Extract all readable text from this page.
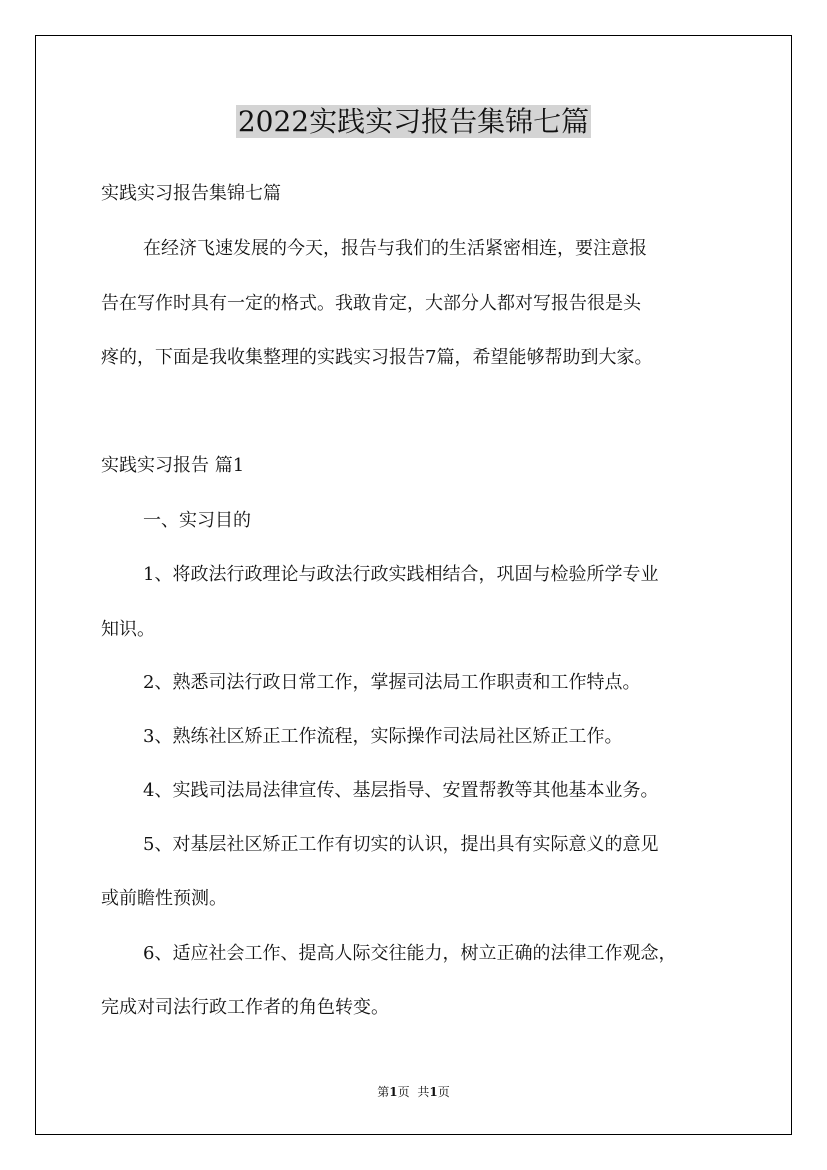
2022实践实习报告集锦七篇
实践实习报告集锦七篇
在经济飞速发展的今天，报告与我们的生活紧密相连，要注意报
告在写作时具有一定的格式。我敢肯定，大部分人都对写报告很是头
疼的，下面是我收集整理的实践实习报告7篇，希望能够帮助到大家。
实践实习报告 篇1
一、实习目的
1、将政法行政理论与政法行政实践相结合，巩固与检验所学专业
知识。
2、熟悉司法行政日常工作，掌握司法局工作职责和工作特点。
3、熟练社区矫正工作流程，实际操作司法局社区矫正工作。
4、实践司法局法律宣传、基层指导、安置帮教等其他基本业务。
5、对基层社区矫正工作有切实的认识，提出具有实际意义的意见
或前瞻性预测。
6、适应社会工作、提高人际交往能力，树立正确的法律工作观念，
完成对司法行政工作者的角色转变。
第1页 共1页
